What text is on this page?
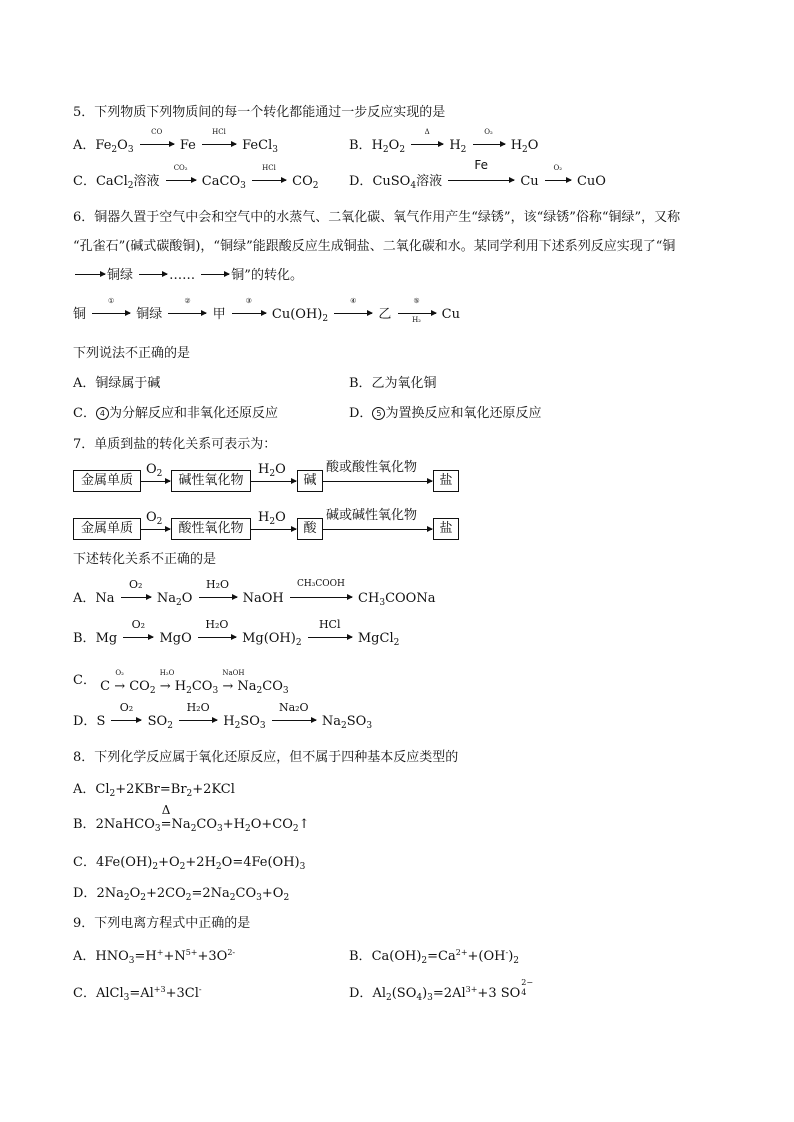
5．下列物质下列物质间的每一个转化都能通过一步反应实现的是
A．$Fe_2O_3$
CO
Fe
HCl
FeCl$_3$	B．$H_2O_2$
Δ
$H_2$
O₂
$H_2O$
C．CaCl$_2$溶液
CO₂
CaCO$_3$
HCl
$CO_2$ D．CuSO$_4$溶液
Fe
Cu
O₂
CuO
6．铜器久置于空气中会和空气中的水蒸气、二氧化碳、氧气作用产生“绿锈”，该“绿锈”俗称“铜绿”，又称
“孔雀石”(碱式碳酸铜)，“铜绿”能跟酸反应生成铜盐、二氧化碳和水。某同学利用下述系列反应实现了“铜
→ 铜绿 → …… → 铜”的转化。
铜
①
铜绿
②
甲
③
$Cu(OH)_2$
④
乙
⑤
H₂	Cu
下列说法不正确的是
A．铜绿属于碱	B．乙为氧化铜
C． 4 为分解反应和非氧化还原反应	D． 5 为置换反应和氧化还原反应
7．单质到盐的转化关系可表示为：
金属单质
$O_2$	碱性氧化物
$H_2O$
碱
酸或酸性氧化物
盐
金属单质
$O_2$	酸性氧化物
$H_2O$
酸
碱或碱性氧化物
盐
下述转化关系不正确的是
A．Na
O₂
$Na_2O$
H₂O
NaOH
CH₃COOH
$CH_3COONa$
B．Mg
O₂
MgO
H₂O
$Mg(OH)_2$
HCl
MgCl$_2$
C． C
O₂
→ $CO_2$
H₂O
→ $H_2CO_3$
NaOH
→ $Na_2CO_3$
D．S
O₂
$SO_2$
H₂O
$H_2SO_3$
Na₂O
$Na_2SO_3$
8．下列化学反应属于氧化还原反应，但不属于四种基本反应类型的
A．$Cl_2+2KBr=Br_2+2KCl$
B．2NaHCO$_3$
Δ
$=Na_2CO_3+H_2O+CO_2↑$
C．$4Fe(OH)_2+O_2+2H_2O=4Fe(OH)_3$
D．$2Na_2O_2+2CO_2=2Na_2CO_3+O_2$
9．下列电离方程式中正确的是
A．$HNO_3=H^++N^{5+}+3O^{2-}$	B．$Ca(OH)_2=Ca^{2+}+(OH^-)_2$
C．$AlCl_3=Al^{+3}+3Cl^-$	D．$Al_2(SO_4)_3=2Al^{3+}+3$ SO
2−
4
